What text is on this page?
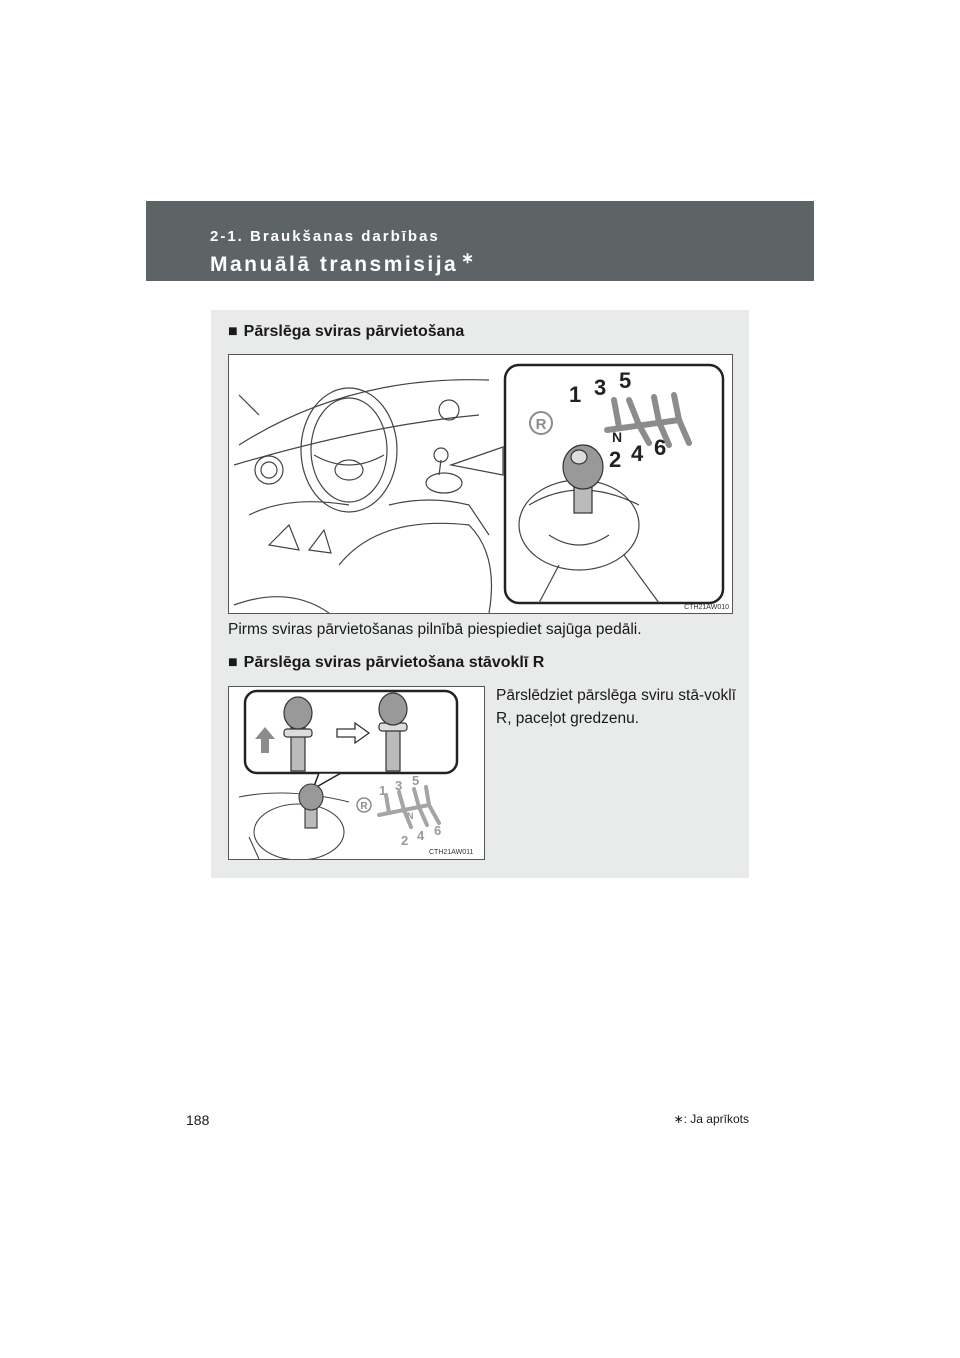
2-1. Braukšanas darbības
Manuālā transmisija ∗
■ Pārslēga sviras pārvietošana
R
1 3 5
N
2 4 6
CTH21AW010
Pirms sviras pārvietošanas pilnībā piespiediet sajūga pedāli.
■ Pārslēga sviras pārvietošana stāvoklī R
R
1 3 5
N
2 4 6
CTH21AW011
Pārslēdziet pārslēga sviru stā-voklī R, paceļot gredzenu.
∗: Ja aprīkots
188
